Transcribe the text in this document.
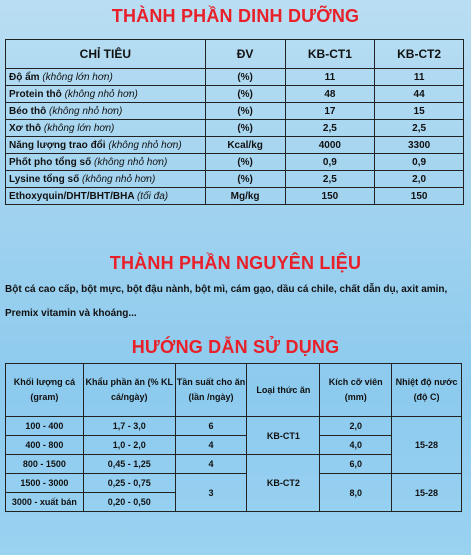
THÀNH PHẦN DINH DƯỠNG
CHỈ TIÊU	ĐV	KB-CT1	KB-CT2
Độ ẩm (không lớn hơn)	(%)	11	11
Protein thô (không nhỏ hơn)	(%)	48	44
Béo thô (không nhỏ hơn)	(%)	17	15
Xơ thô (không lớn hơn)	(%)	2,5	2,5
Năng lượng trao đổi (không nhỏ hơn)	Kcal/kg	4000	3300
Phốt pho tổng số (không nhỏ hơn)	(%)	0,9	0,9
Lysine tổng số (không nhỏ hơn)	(%)	2,5	2,0
Ethoxyquin/DHT/BHT/BHA (tối đa)	Mg/kg	150	150
THÀNH PHẦN NGUYÊN LIỆU
Bột cá cao cấp, bột mực, bột đậu nành, bột mì, cám gạo, dầu cá chile, chất dẫn dụ, axit amin, Premix vitamin và khoáng...
HƯỚNG DẪN SỬ DỤNG
Khối lượng cá (gram)	Khẩu phần ăn (% KL cá/ngày)	Tần suất cho ăn (lần /ngày)	Loại thức ăn	Kích cỡ viên (mm)	Nhiệt độ nước (độ C)
100 - 400	1,7 - 3,0	6	KB-CT1	2,0	15-28
400 - 800	1,0 - 2,0	4		4,0	
800 - 1500	0,45 - 1,25	4	KB-CT2	6,0	
1500 - 3000	0,25 - 0,75	3		8,0	15-28
3000 - xuất bán	0,20 - 0,50				
